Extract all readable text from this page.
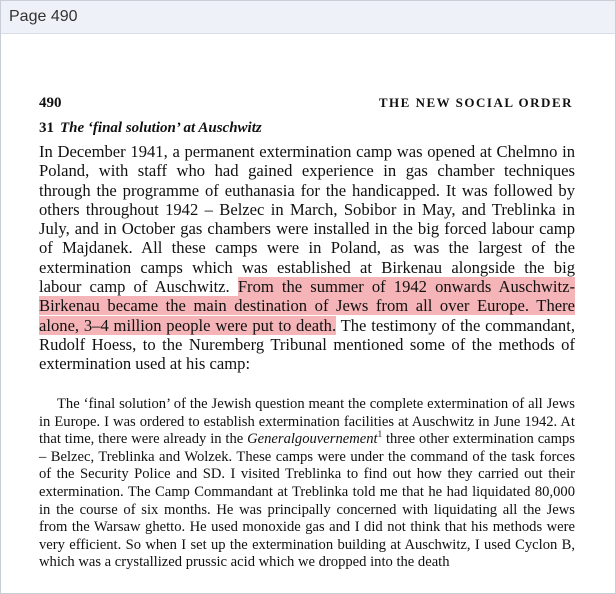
Page 490
490	THE NEW SOCIAL ORDER
31 The ‘final solution’ at Auschwitz

In December 1941, a permanent extermination camp was opened at Chelmno in Poland, with staff who had gained experience in gas chamber techniques through the programme of euthanasia for the handicapped. It was followed by others throughout 1942 – Belzec in March, Sobibor in May, and Treblinka in July, and in October gas chambers were installed in the big forced labour camp of Majdanek. All these camps were in Poland, as was the largest of the extermination camps which was established at Birkenau alongside the big labour camp of Auschwitz. From the summer of 1942 onwards Auschwitz-Birkenau became the main destination of Jews from all over Europe. There alone, 3–4 million people were put to death. The testimony of the commandant, Rudolf Hoess, to the Nuremberg Tribunal mentioned some of the methods of extermination used at his camp:

The ‘final solution’ of the Jewish question meant the complete extermination of all Jews in Europe. I was ordered to establish extermination facilities at Auschwitz in June 1942. At that time, there were already in the Generalgouvernement$^1$ three other extermination camps – Belzec, Treblinka and Wolzek. These camps were under the command of the task forces of the Security Police and SD. I visited Treblinka to find out how they carried out their extermination. The Camp Commandant at Treblinka told me that he had liquidated 80,000 in the course of six months. He was principally concerned with liquidating all the Jews from the Warsaw ghetto. He used monoxide gas and I did not think that his methods were very efficient. So when I set up the extermination building at Auschwitz, I used Cyclon B, which was a crystallized prussic acid which we dropped into the death
